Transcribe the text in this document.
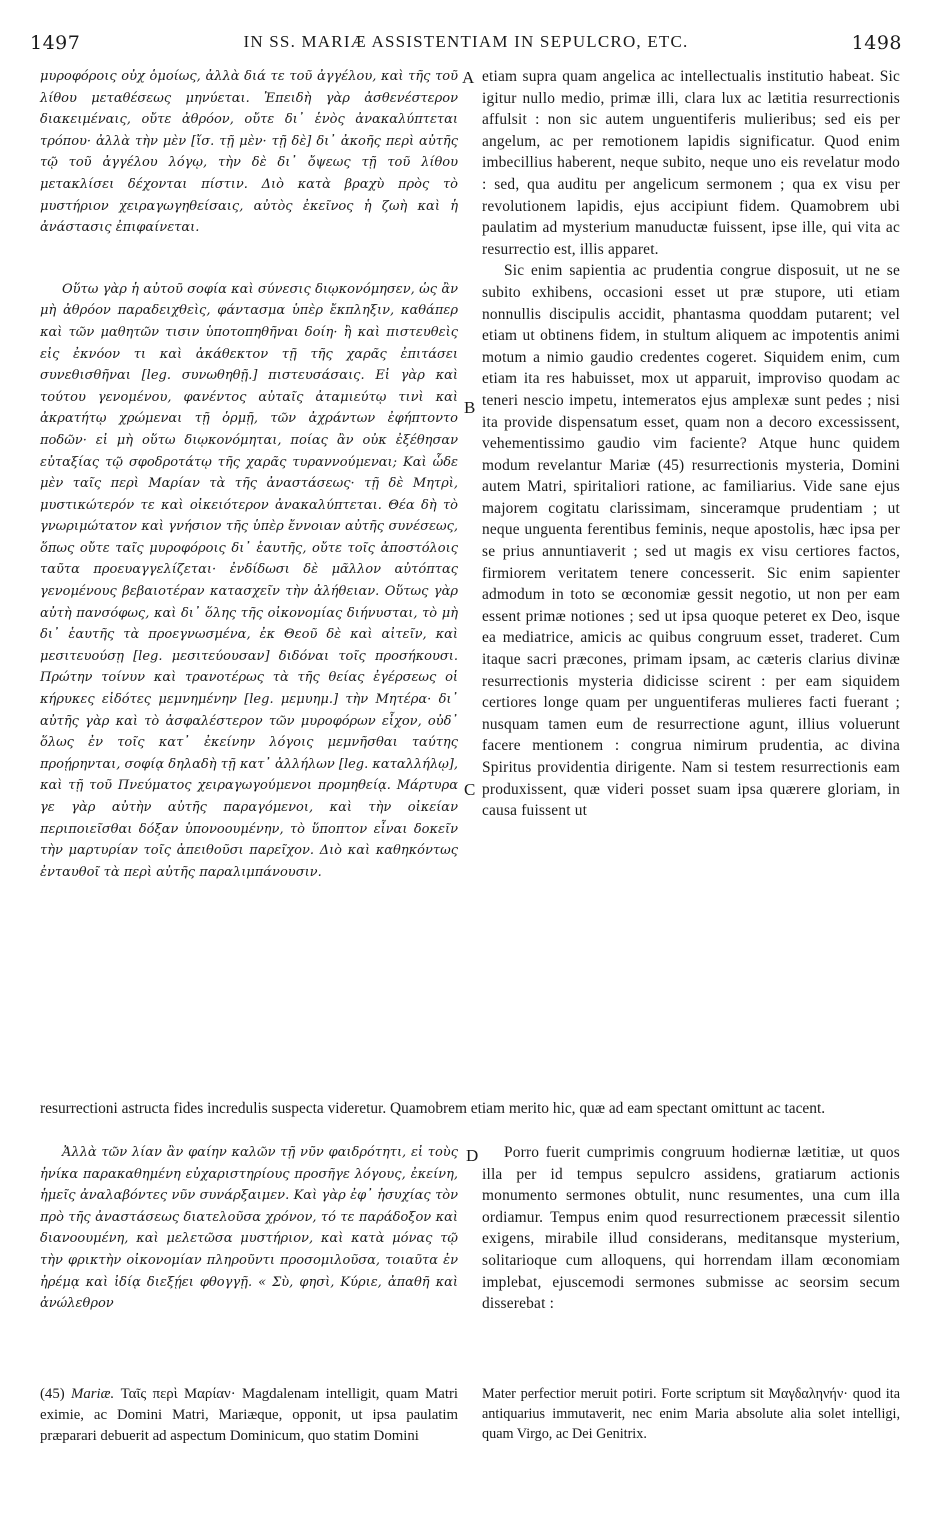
1497	IN SS. MARIÆ ASSISTENTIAM IN SEPULCRO, ETC.	1498

μυροφόροις οὐχ ὁμοίως, ἀλλὰ διά τε τοῦ ἀγγέλου, καὶ τῆς τοῦ λίθου μεταθέσεως μηνύεται. Ἐπειδὴ γὰρ ἀσθενέστερον διακειμέναις, οὔτε ἀθρόον, οὔτε δι᾽ ἑνὸς ἀνακαλύπτεται τρόπου· ἀλλὰ τὴν μὲν [ἴσ. τῇ μὲν· τῇ δὲ] δι᾽ ἀκοῆς περὶ αὐτῆς τῷ τοῦ ἀγγέλου λόγῳ, τὴν δὲ δι᾽ ὄψεως τῇ τοῦ λίθου μετακλίσει δέχονται πίστιν. Διὸ κατὰ βραχὺ πρὸς τὸ μυστήριον χειραγωγηθείσαις, αὐτὸς ἐκεῖνος ἡ ζωὴ καὶ ἡ ἀνάστασις ἐπιφαίνεται.

Οὕτω γὰρ ἡ αὐτοῦ σοφία καὶ σύνεσις διῳκονόμησεν, ὡς ἂν μὴ ἀθρόον παραδειχθεὶς, φάντασμα ὑπὲρ ἔκπληξιν, καθάπερ καὶ τῶν μαθητῶν τισιν ὑποτοπηθῆναι δοίη· ἢ καὶ πιστευθεὶς εἰς ἐκνόον τι καὶ ἀκάθεκτον τῇ τῆς χαρᾶς ἐπιτάσει συνεθισθῆναι [leg. συνωθηθῇ.] πιστευσάσαις. Εἰ γὰρ καὶ τούτου γενομένου, φανέντος αὐταῖς ἀταμιεύτῳ τινὶ καὶ ἀκρατήτῳ χρώμεναι τῇ ὁρμῇ, τῶν ἀχράντων ἐφήπτοντο ποδῶν· εἰ μὴ οὕτω διῳκονόμηται, ποίας ἂν οὐκ ἐξέθησαν εὐταξίας τῷ σφοδροτάτῳ τῆς χαρᾶς τυραννούμεναι; Καὶ ὧδε μὲν ταῖς περὶ Μαρίαν τὰ τῆς ἀναστάσεως· τῇ δὲ Μητρὶ, μυστικώτερόν τε καὶ οἰκειότερον ἀνακαλύπτεται. Θέα δὴ τὸ γνωριμώτατον καὶ γνήσιον τῆς ὑπὲρ ἔννοιαν αὐτῆς συνέσεως, ὅπως οὔτε ταῖς μυροφόροις δι᾽ ἑαυτῆς, οὔτε τοῖς ἀποστόλοις ταῦτα προευαγγελίζεται· ἐνδίδωσι δὲ μᾶλλον αὐτόπτας γενομένους βεβαιοτέραν κατασχεῖν τὴν ἀλήθειαν. Οὕτως γὰρ αὐτὴ πανσόφως, καὶ δι᾽ ὅλης τῆς οἰκονομίας διήνυσται, τὸ μὴ δι᾽ ἑαυτῆς τὰ προεγνωσμένα, ἐκ Θεοῦ δὲ καὶ αἰτεῖν, καὶ μεσιτευούσῃ [leg. μεσιτεύουσαν] διδόναι τοῖς προσήκουσι. Πρώτην τοίνυν καὶ τρανοτέρως τὰ τῆς θείας ἐγέρσεως οἱ κήρυκες εἰδότες μεμνημένην [leg. μεμυημ.] τὴν Μητέρα· δι᾽ αὐτῆς γὰρ καὶ τὸ ἀσφαλέστερον τῶν μυροφόρων εἶχον, οὐδ᾽ ὅλως ἐν τοῖς κατ᾽ ἐκείνην λόγοις μεμνῆσθαι ταύτης προῄρηνται, σοφίᾳ δηλαδὴ τῇ κατ᾽ ἀλλήλων [leg. καταλλήλῳ], καὶ τῇ τοῦ Πνεύματος χειραγωγούμενοι προμηθείᾳ. Μάρτυρα γε γὰρ αὐτὴν αὐτῆς παραγόμενοι, καὶ τὴν οἰκείαν περιποιεῖσθαι δόξαν ὑπονοουμένην, τὸ ὕποπτον εἶναι δοκεῖν τὴν μαρτυρίαν τοῖς ἀπειθοῦσι παρεῖχον. Διὸ καὶ καθηκόντως ἐνταυθοῖ τὰ περὶ αὐτῆς παραλιμπάνουσιν.

etiam supra quam angelica ac intellectualis institutio habeat. Sic igitur nullo medio, primæ illi, clara lux ac lætitia resurrectionis affulsit : non sic autem unguentiferis mulieribus; sed eis per angelum, ac per remotionem lapidis significatur. Quod enim imbecillius haberent, neque subito, neque uno eis revelatur modo : sed, qua auditu per angelicum sermonem ; qua ex visu per revolutionem lapidis, ejus accipiunt fidem. Quamobrem ubi paulatim ad mysterium manuductæ fuissent, ipse ille, qui vita ac resurrectio est, illis apparet.

Sic enim sapientia ac prudentia congrue disposuit, ut ne se subito exhibens, occasioni esset ut præ stupore, uti etiam nonnullis discipulis accidit, phantasma quoddam putarent; vel etiam ut obtinens fidem, in stultum aliquem ac impotentis animi motum a nimio gaudio credentes cogeret. Siquidem enim, cum etiam ita res habuisset, mox ut apparuit, improviso quodam ac teneri nescio impetu, intemeratos ejus amplexæ sunt pedes ; nisi ita provide dispensatum esset, quam non a decoro excessissent, vehementissimo gaudio vim faciente? Atque hunc quidem modum revelantur Mariæ (45) resurrectionis mysteria, Domini autem Matri, spiritaliori ratione, ac familiarius. Vide sane ejus majorem cogitatu clarissimam, sinceramque prudentiam ; ut neque unguenta ferentibus feminis, neque apostolis, hæc ipsa per se prius annuntiaverit ; sed ut magis ex visu certiores factos, firmiorem veritatem tenere concesserit. Sic enim sapienter admodum in toto se œconomiæ gessit negotio, ut non per eam essent primæ notiones ; sed ut ipsa quoque peteret ex Deo, isque ea mediatrice, amicis ac quibus congruum esset, traderet. Cum itaque sacri præcones, primam ipsam, ac cæteris clarius divinæ resurrectionis mysteria didicisse scirent : per eam siquidem certiores longe quam per unguentiferas mulieres facti fuerant ; nusquam tamen eum de resurrectione agunt, illius voluerunt facere mentionem : congrua nimirum prudentia, ac divina Spiritus providentia dirigente. Nam si testem resurrectionis eam produxissent, quæ videri posset suam ipsa quærere gloriam, in causa fuissent ut

A
B
C
D
resurrectioni astructa fides incredulis suspecta videretur. Quamobrem etiam merito hic, quæ ad eam spectant omittunt ac tacent.

Ἀλλὰ τῶν λίαν ἂν φαίην καλῶν τῇ νῦν φαιδρότητι, εἰ τοὺς ἡνίκα παρακαθημένη εὐχαριστηρίους προσῆγε λόγους, ἐκείνη, ἡμεῖς ἀναλαβόντες νῦν συνάρξαιμεν. Καὶ γὰρ ἐφ᾽ ἡσυχίας τὸν πρὸ τῆς ἀναστάσεως διατελοῦσα χρόνον, τό τε παράδοξον καὶ διανοουμένη, καὶ μελετῶσα μυστήριον, καὶ κατὰ μόνας τῷ τὴν φρικτὴν οἰκονομίαν πληροῦντι προσομιλοῦσα, τοιαῦτα ἐν ἠρέμᾳ καὶ ἰδίᾳ διεξῄει φθογγῇ. « Σὺ, φησὶ, Κύριε, ἀπαθῆ καὶ ἀνώλεθρον

Porro fuerit cumprimis congruum hodiernæ lætitiæ, ut quos illa per id tempus sepulcro assidens, gratiarum actionis monumento sermones obtulit, nunc resumentes, una cum illa ordiamur. Tempus enim quod resurrectionem præcessit silentio exigens, mirabile illud considerans, meditansque mysterium, solitarioque cum alloquens, qui horrendam illam œconomiam implebat, ejuscemodi sermones submisse ac seorsim secum disserebat :

(45) Mariæ. Ταῖς περὶ Μαρίαν· Magdalenam intelligit, quam Matri eximie, ac Domini Matri, Mariæque, opponit, ut ipsa paulatim præparari debuerit ad aspectum Dominicum, quo statim Domini

Mater perfectior meruit potiri. Forte scriptum sit Μαγδαληνήν· quod ita antiquarius immutaverit, nec enim Maria absolute alia solet intelligi, quam Virgo, ac Dei Genitrix.
